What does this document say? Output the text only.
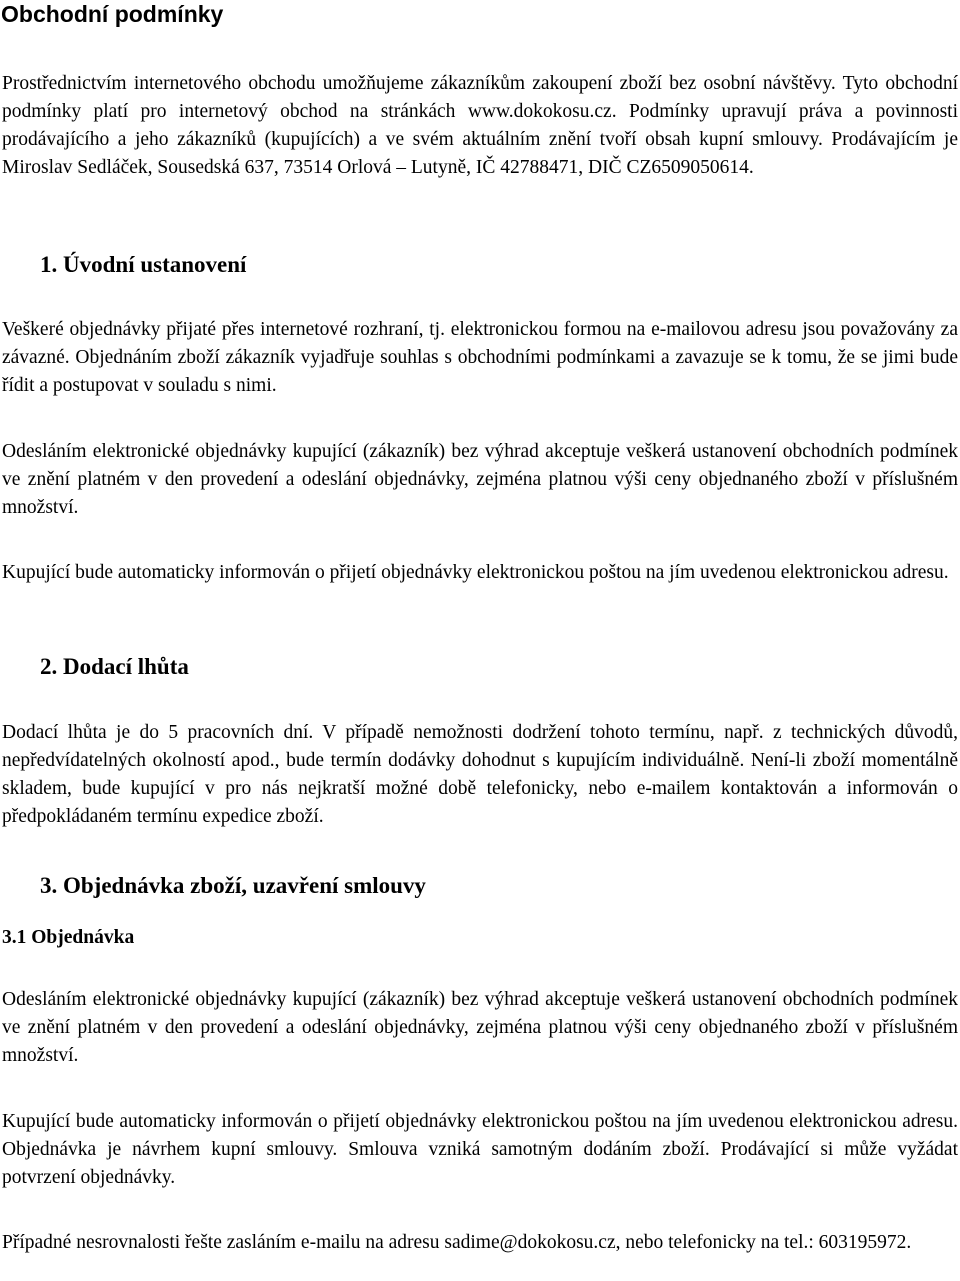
Obchodní podmínky

Prostřednictvím internetového obchodu umožňujeme zákazníkům zakoupení zboží bez osobní návštěvy. Tyto obchodní podmínky platí pro internetový obchod na stránkách www.dokokosu.cz. Podmínky upravují práva a povinnosti prodávajícího a jeho zákazníků (kupujících) a ve svém aktuálním znění tvoří obsah kupní smlouvy. Prodávajícím je Miroslav Sedláček, Sousedská 637, 73514 Orlová – Lutyně, IČ 42788471, DIČ CZ6509050614.

1. Úvodní ustanovení

Veškeré objednávky přijaté přes internetové rozhraní, tj. elektronickou formou na e-mailovou adresu jsou považovány za závazné. Objednáním zboží zákazník vyjadřuje souhlas s obchodními podmínkami a zavazuje se k tomu, že se jimi bude řídit a postupovat v souladu s nimi.

Odesláním elektronické objednávky kupující (zákazník) bez výhrad akceptuje veškerá ustanovení obchodních podmínek ve znění platném v den provedení a odeslání objednávky, zejména platnou výši ceny objednaného zboží v příslušném množství.

Kupující bude automaticky informován o přijetí objednávky elektronickou poštou na jím uvedenou elektronickou adresu.

2. Dodací lhůta

Dodací lhůta je do 5 pracovních dní. V případě nemožnosti dodržení tohoto termínu, např. z technických důvodů, nepředvídatelných okolností apod., bude termín dodávky dohodnut s kupujícím individuálně. Není-li zboží momentálně skladem, bude kupující v pro nás nejkratší možné době telefonicky, nebo e-mailem kontaktován a informován o předpokládaném termínu expedice zboží.

3. Objednávka zboží, uzavření smlouvy
3.1 Objednávka

Odesláním elektronické objednávky kupující (zákazník) bez výhrad akceptuje veškerá ustanovení obchodních podmínek ve znění platném v den provedení a odeslání objednávky, zejména platnou výši ceny objednaného zboží v příslušném množství.

Kupující bude automaticky informován o přijetí objednávky elektronickou poštou na jím uvedenou elektronickou adresu. Objednávka je návrhem kupní smlouvy. Smlouva vzniká samotným dodáním zboží. Prodávající si může vyžádat potvrzení objednávky.

Případné nesrovnalosti řešte zasláním e-mailu na adresu sadime@dokokosu.cz, nebo telefonicky na tel.: 603195972.
